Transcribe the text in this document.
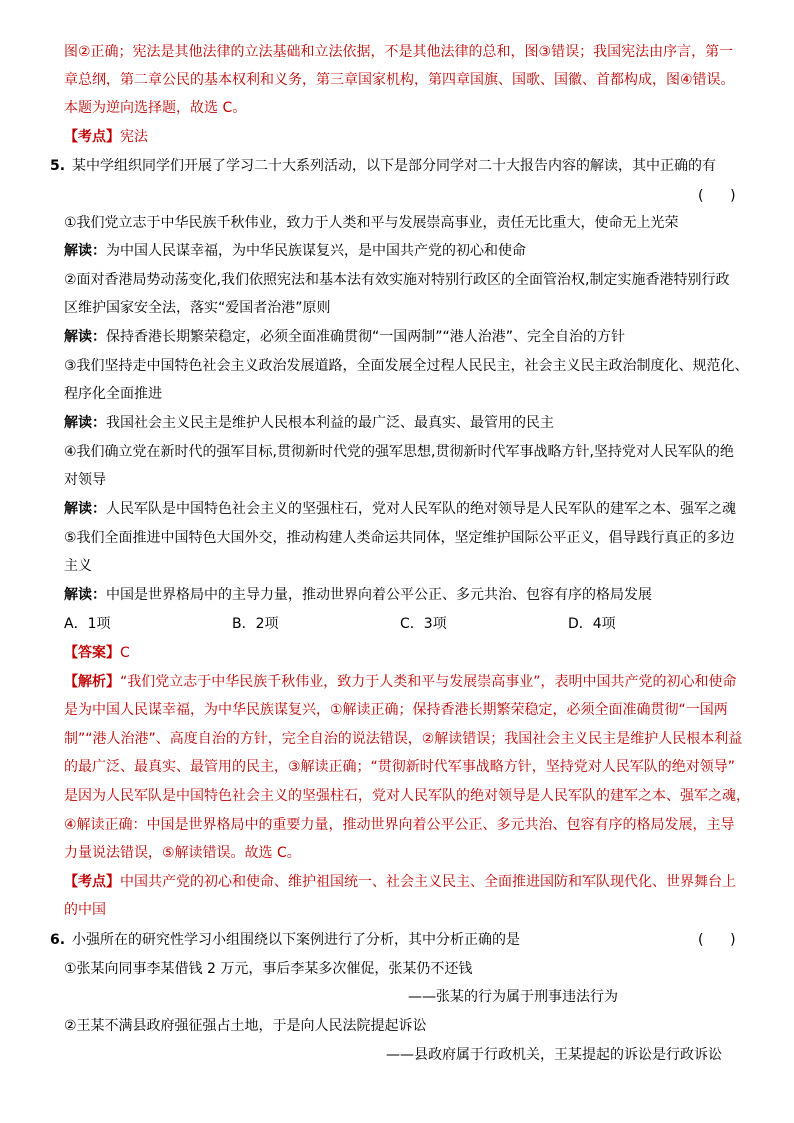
图②正确；宪法是其他法律的立法基础和立法依据，不是其他法律的总和，图③错误；我国宪法由序言，第一
章总纲，第二章公民的基本权利和义务，第三章国家机构，第四章国旗、国歌、国徽、首都构成，图④错误。
本题为逆向选择题，故选 C。
【考点】宪法
5. 某中学组织同学们开展了学习二十大系列活动，以下是部分同学对二十大报告内容的解读，其中正确的有
(      )
①我们党立志于中华民族千秋伟业，致力于人类和平与发展崇高事业，责任无比重大，使命无上光荣
解读：为中国人民谋幸福，为中华民族谋复兴，是中国共产党的初心和使命
②面对香港局势动荡变化,我们依照宪法和基本法有效实施对特别行政区的全面管治权,制定实施香港特别行政
区维护国家安全法，落实“爱国者治港”原则
解读：保持香港长期繁荣稳定，必须全面准确贯彻“一国两制”“港人治港”、完全自治的方针
③我们坚持走中国特色社会主义政治发展道路，全面发展全过程人民民主，社会主义民主政治制度化、规范化、
程序化全面推进
解读：我国社会主义民主是维护人民根本利益的最广泛、最真实、最管用的民主
④我们确立党在新时代的强军目标,贯彻新时代党的强军思想,贯彻新时代军事战略方针,坚持党对人民军队的绝
对领导
解读：人民军队是中国特色社会主义的坚强柱石，党对人民军队的绝对领导是人民军队的建军之本、强军之魂
⑤我们全面推进中国特色大国外交，推动构建人类命运共同体，坚定维护国际公平正义，倡导践行真正的多边
主义
解读：中国是世界格局中的主导力量，推动世界向着公平公正、多元共治、包容有序的格局发展
A．1项	B．2项	C．3项	D．4项
【答案】C
【解析】“我们党立志于中华民族千秋伟业，致力于人类和平与发展崇高事业”，表明中国共产党的初心和使命
是为中国人民谋幸福，为中华民族谋复兴，①解读正确；保持香港长期繁荣稳定，必须全面准确贯彻“一国两
制”“港人治港”、高度自治的方针，完全自治的说法错误，②解读错误；我国社会主义民主是维护人民根本利益
的最广泛、最真实、最管用的民主，③解读正确；“贯彻新时代军事战略方针，坚持党对人民军队的绝对领导”
是因为人民军队是中国特色社会主义的坚强柱石，党对人民军队的绝对领导是人民军队的建军之本、强军之魂，
④解读正确：中国是世界格局中的重要力量，推动世界向着公平公正、多元共治、包容有序的格局发展，主导
力量说法错误，⑤解读错误。故选 C。
【考点】中国共产党的初心和使命、维护祖国统一、社会主义民主、全面推进国防和军队现代化、世界舞台上
的中国
6. 小强所在的研究性学习小组围绕以下案例进行了分析，其中分析正确的是	(      )
①张某向同事李某借钱 2 万元，事后李某多次催促，张某仍不还钱
——张某的行为属于刑事违法行为
②王某不满县政府强征强占土地，于是向人民法院提起诉讼
——县政府属于行政机关，王某提起的诉讼是行政诉讼
